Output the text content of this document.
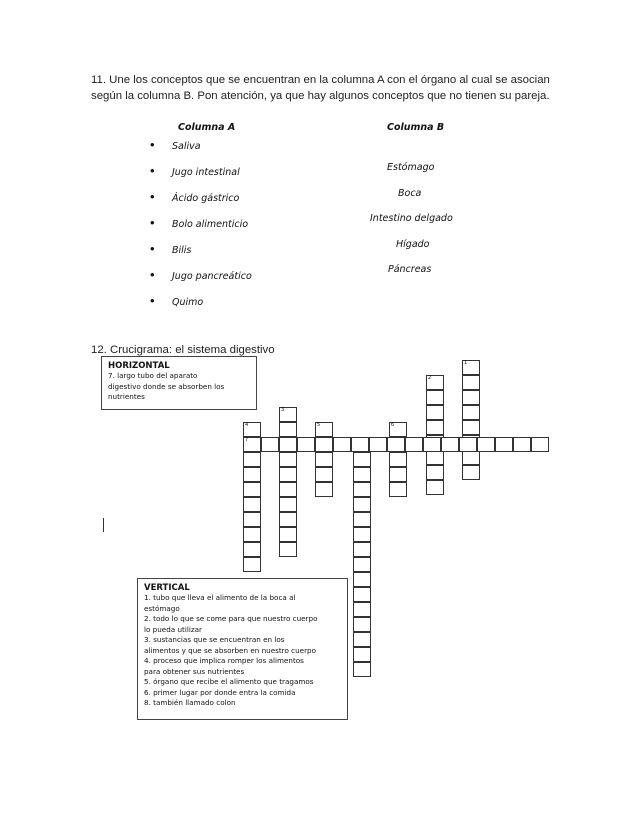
11. Une los conceptos que se encuentran en la columna A con el órgano al cual se asocian según la columna B. Pon atención, ya que hay algunos conceptos que no tienen su pareja.
Columna A	Columna B
• Saliva
• Jugo intestinal
• Ácido gástrico
• Bolo alimenticio
• Bilis
• Jugo pancreático
• Quimo
Estómago
Boca
Intestino delgado
Hígado
Páncreas
12. Crucigrama: el sistema digestivo
HORIZONTAL
7. largo tubo del aparato
digestivo donde se absorben los
nutrientes
1
2
3
4
7
5	6
VERTICAL
1. tubo que lleva el alimento de la boca al
estómago
2. todo lo que se come para que nuestro cuerpo
lo pueda utilizar
3. sustancias que se encuentran en los
alimentos y que se absorben en nuestro cuerpo
4. proceso que implica romper los alimentos
para obtener sus nutrientes
5. órgano que recibe el alimento que tragamos
6. primer lugar por donde entra la comida
8. también llamado colon
